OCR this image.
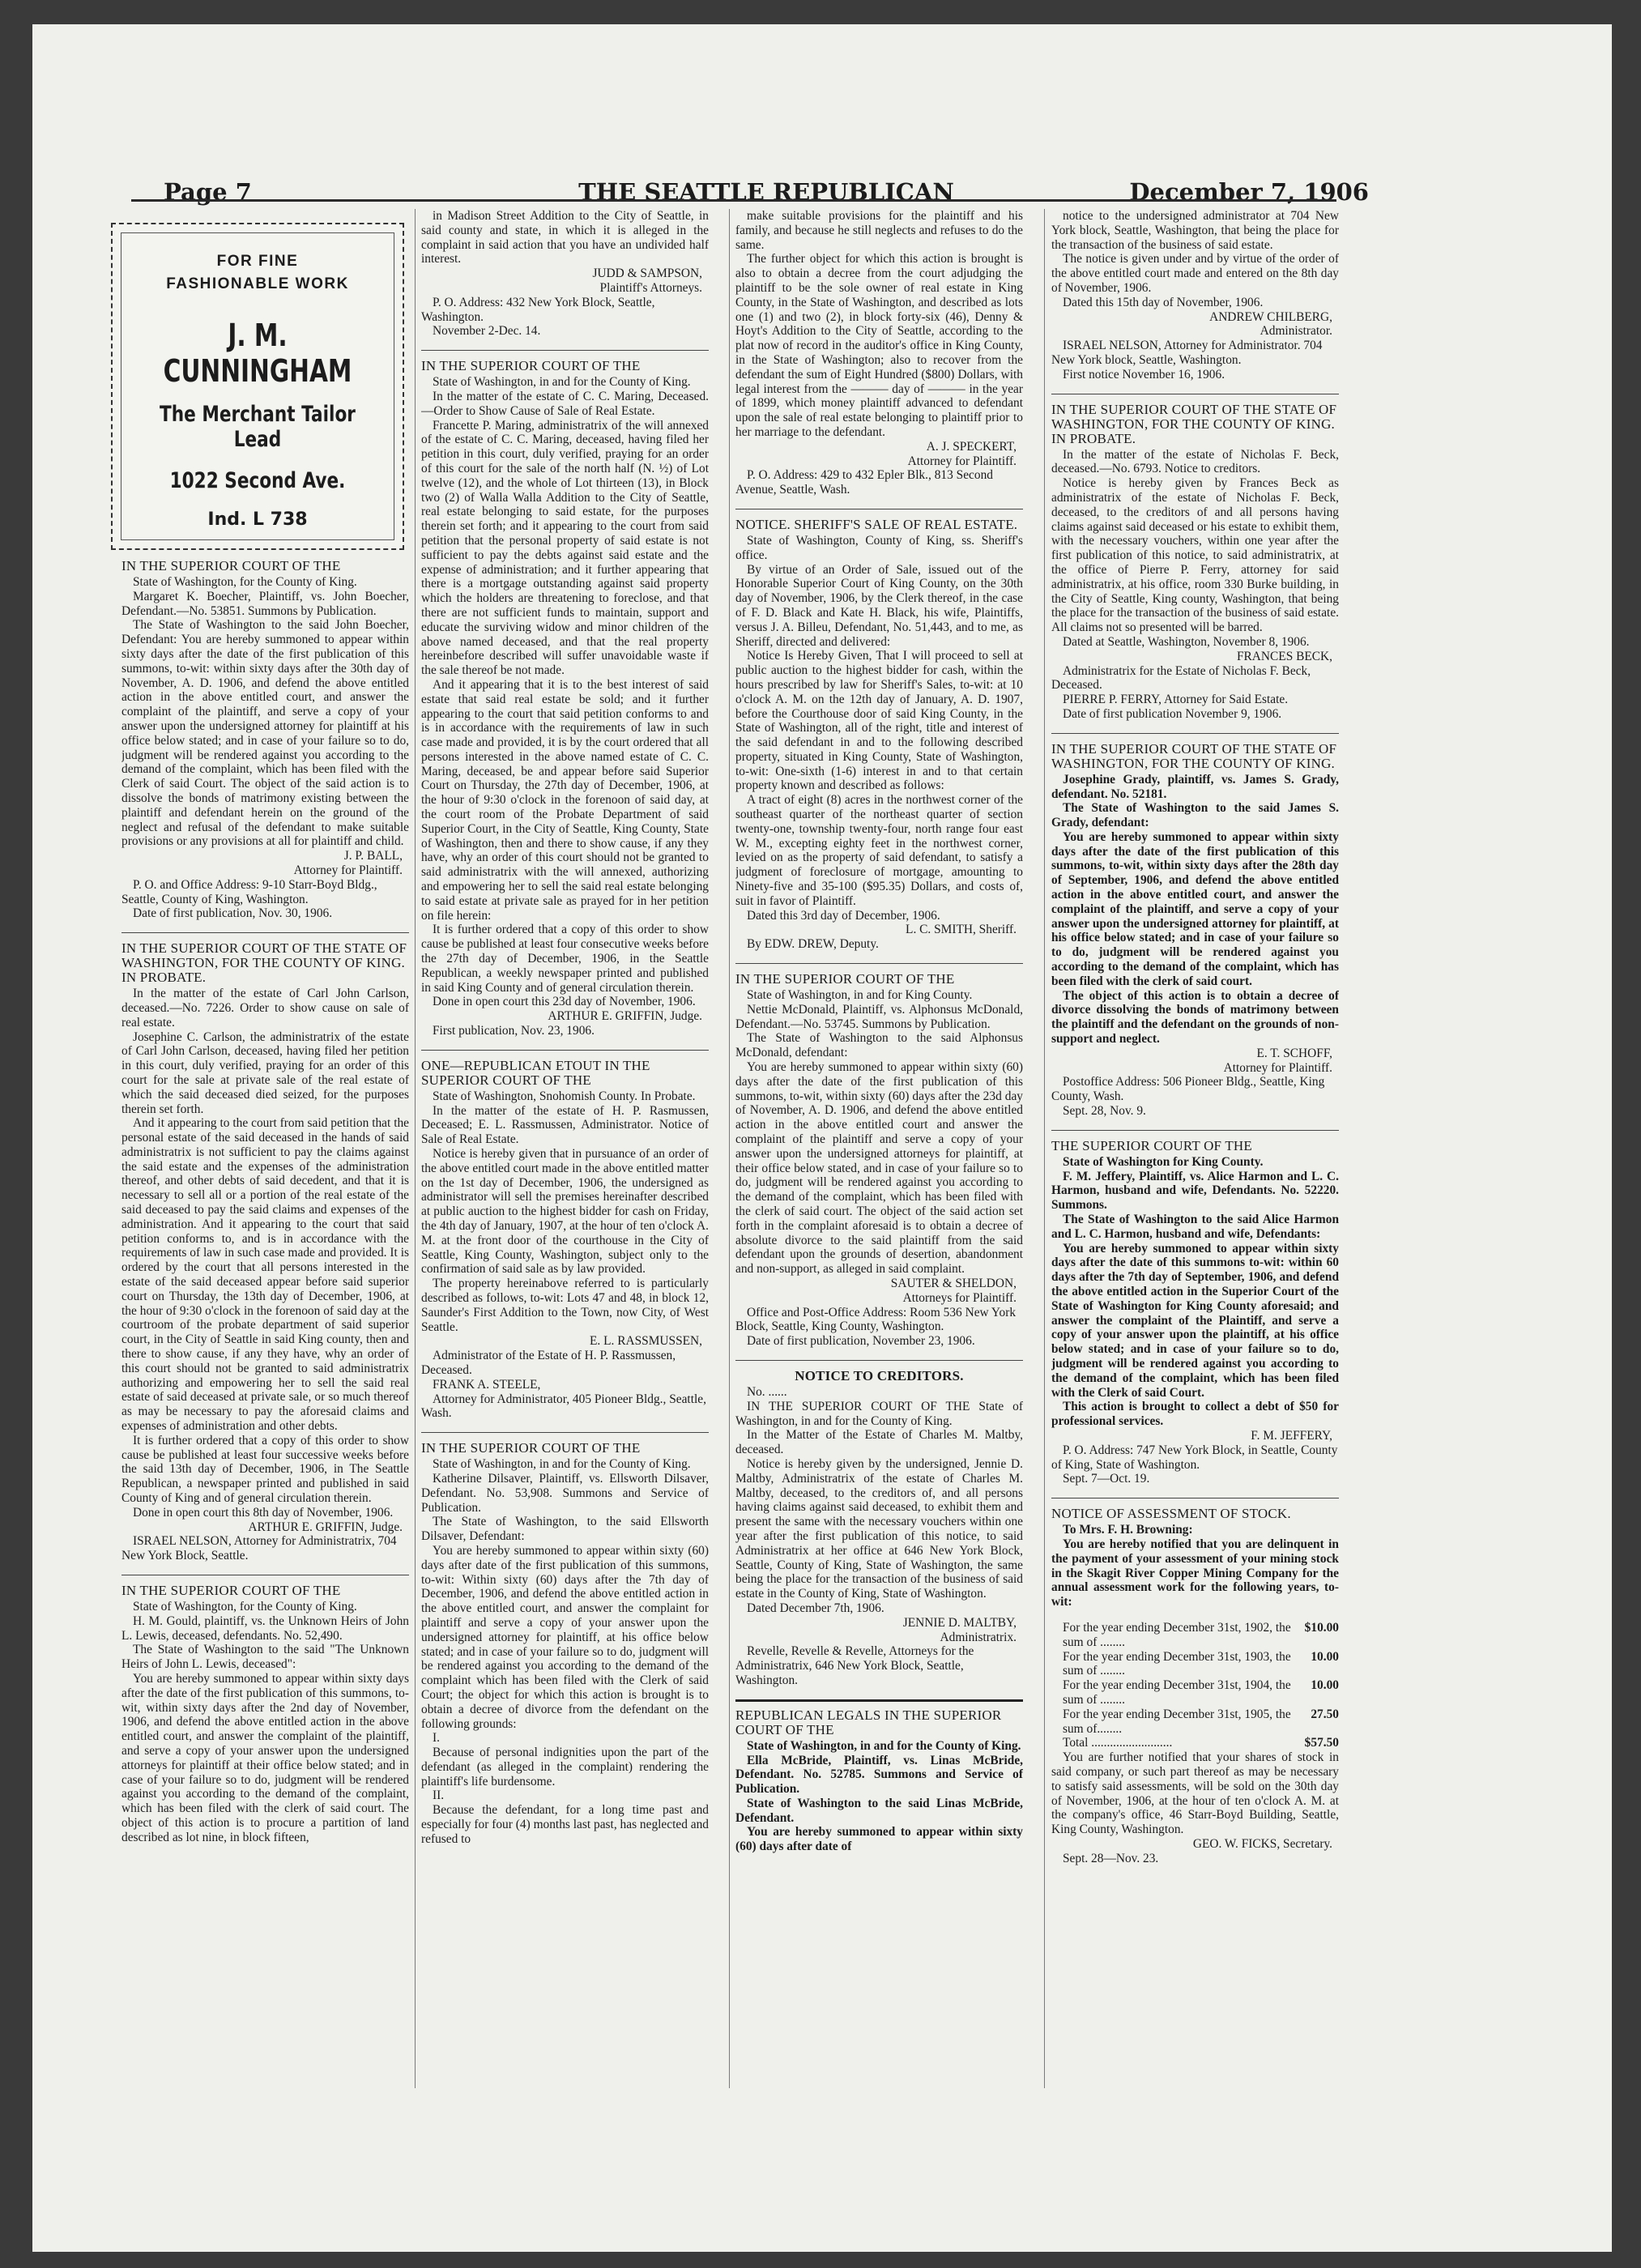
Page 7	THE SEATTLE REPUBLICAN	December 7, 1906
FOR FINE
FASHIONABLE WORK
J. M. CUNNINGHAM
The Merchant Tailor Lead
1022 Second Ave.
Ind. L 738
IN THE SUPERIOR COURT OF THE

State of Washington, for the County of King.

Margaret K. Boecher, Plaintiff, vs. John Boecher, Defendant.—No. 53851. Summons by Publication.

The State of Washington to the said John Boecher, Defendant: You are hereby summoned to appear within sixty days after the date of the first publication of this summons, to-wit: within sixty days after the 30th day of November, A. D. 1906, and defend the above entitled action in the above entitled court, and answer the complaint of the plaintiff, and serve a copy of your answer upon the undersigned attorney for plaintiff at his office below stated; and in case of your failure so to do, judgment will be rendered against you according to the demand of the complaint, which has been filed with the Clerk of said Court. The object of the said action is to dissolve the bonds of matrimony existing between the plaintiff and defendant herein on the ground of the neglect and refusal of the defendant to make suitable provisions or any provisions at all for plaintiff and child.

J. P. BALL,

Attorney for Plaintiff.

P. O. and Office Address: 9-10 Starr-Boyd Bldg., Seattle, County of King, Washington.

Date of first publication, Nov. 30, 1906.

IN THE SUPERIOR COURT OF THE STATE OF WASHINGTON, FOR THE COUNTY OF KING. IN PROBATE.

In the matter of the estate of Carl John Carlson, deceased.—No. 7226. Order to show cause on sale of real estate.

Josephine C. Carlson, the administratrix of the estate of Carl John Carlson, deceased, having filed her petition in this court, duly verified, praying for an order of this court for the sale at private sale of the real estate of which the said deceased died seized, for the purposes therein set forth.

And it appearing to the court from said petition that the personal estate of the said deceased in the hands of said administratrix is not sufficient to pay the claims against the said estate and the expenses of the administration thereof, and other debts of said decedent, and that it is necessary to sell all or a portion of the real estate of the said deceased to pay the said claims and expenses of the administration. And it appearing to the court that said petition conforms to, and is in accordance with the requirements of law in such case made and provided. It is ordered by the court that all persons interested in the estate of the said deceased appear before said superior court on Thursday, the 13th day of December, 1906, at the hour of 9:30 o'clock in the forenoon of said day at the courtroom of the probate department of said superior court, in the City of Seattle in said King county, then and there to show cause, if any they have, why an order of this court should not be granted to said administratrix authorizing and empowering her to sell the said real estate of said deceased at private sale, or so much thereof as may be necessary to pay the aforesaid claims and expenses of administration and other debts.

It is further ordered that a copy of this order to show cause be published at least four successive weeks before the said 13th day of December, 1906, in The Seattle Republican, a newspaper printed and published in said County of King and of general circulation therein.

Done in open court this 8th day of November, 1906.

ARTHUR E. GRIFFIN, Judge.

ISRAEL NELSON, Attorney for Administratrix, 704 New York Block, Seattle.

IN THE SUPERIOR COURT OF THE

State of Washington, for the County of King.

H. M. Gould, plaintiff, vs. the Unknown Heirs of John L. Lewis, deceased, defendants. No. 52,490.

The State of Washington to the said "The Unknown Heirs of John L. Lewis, deceased":

You are hereby summoned to appear within sixty days after the date of the first publication of this summons, to-wit, within sixty days after the 2nd day of November, 1906, and defend the above entitled action in the above entitled court, and answer the complaint of the plaintiff, and serve a copy of your answer upon the undersigned attorneys for plaintiff at their office below stated; and in case of your failure so to do, judgment will be rendered against you according to the demand of the complaint, which has been filed with the clerk of said court. The object of this action is to procure a partition of land described as lot nine, in block fifteen,

in Madison Street Addition to the City of Seattle, in said county and state, in which it is alleged in the complaint in said action that you have an undivided half interest.

JUDD & SAMPSON,

Plaintiff's Attorneys.

P. O. Address: 432 New York Block, Seattle, Washington.

November 2-Dec. 14.

IN THE SUPERIOR COURT OF THE

State of Washington, in and for the County of King.

In the matter of the estate of C. C. Maring, Deceased.—Order to Show Cause of Sale of Real Estate.

Francette P. Maring, administratrix of the will annexed of the estate of C. C. Maring, deceased, having filed her petition in this court, duly verified, praying for an order of this court for the sale of the north half (N. ½) of Lot twelve (12), and the whole of Lot thirteen (13), in Block two (2) of Walla Walla Addition to the City of Seattle, real estate belonging to said estate, for the purposes therein set forth; and it appearing to the court from said petition that the personal property of said estate is not sufficient to pay the debts against said estate and the expense of administration; and it further appearing that there is a mortgage outstanding against said property which the holders are threatening to foreclose, and that there are not sufficient funds to maintain, support and educate the surviving widow and minor children of the above named deceased, and that the real property hereinbefore described will suffer unavoidable waste if the sale thereof be not made.

And it appearing that it is to the best interest of said estate that said real estate be sold; and it further appearing to the court that said petition conforms to and is in accordance with the requirements of law in such case made and provided, it is by the court ordered that all persons interested in the above named estate of C. C. Maring, deceased, be and appear before said Superior Court on Thursday, the 27th day of December, 1906, at the hour of 9:30 o'clock in the forenoon of said day, at the court room of the Probate Department of said Superior Court, in the City of Seattle, King County, State of Washington, then and there to show cause, if any they have, why an order of this court should not be granted to said administratrix with the will annexed, authorizing and empowering her to sell the said real estate belonging to said estate at private sale as prayed for in her petition on file herein:

It is further ordered that a copy of this order to show cause be published at least four consecutive weeks before the 27th day of December, 1906, in the Seattle Republican, a weekly newspaper printed and published in said King County and of general circulation therein.

Done in open court this 23d day of November, 1906.

ARTHUR E. GRIFFIN, Judge.

First publication, Nov. 23, 1906.

ONE—REPUBLICAN ETOUT IN THE SUPERIOR COURT OF THE

State of Washington, Snohomish County. In Probate.

In the matter of the estate of H. P. Rasmussen, Deceased; E. L. Rassmussen, Administrator. Notice of Sale of Real Estate.

Notice is hereby given that in pursuance of an order of the above entitled court made in the above entitled matter on the 1st day of December, 1906, the undersigned as administrator will sell the premises hereinafter described at public auction to the highest bidder for cash on Friday, the 4th day of January, 1907, at the hour of ten o'clock A. M. at the front door of the courthouse in the City of Seattle, King County, Washington, subject only to the confirmation of said sale as by law provided.

The property hereinabove referred to is particularly described as follows, to-wit: Lots 47 and 48, in block 12, Saunder's First Addition to the Town, now City, of West Seattle.

E. L. RASSMUSSEN,

Administrator of the Estate of H. P. Rassmussen, Deceased.

FRANK A. STEELE,

Attorney for Administrator, 405 Pioneer Bldg., Seattle, Wash.

IN THE SUPERIOR COURT OF THE

State of Washington, in and for the County of King.

Katherine Dilsaver, Plaintiff, vs. Ellsworth Dilsaver, Defendant. No. 53,908. Summons and Service of Publication.

The State of Washington, to the said Ellsworth Dilsaver, Defendant:

You are hereby summoned to appear within sixty (60) days after date of the first publication of this summons, to-wit: Within sixty (60) days after the 7th day of December, 1906, and defend the above entitled action in the above entitled court, and answer the complaint for plaintiff and serve a copy of your answer upon the undersigned attorney for plaintiff, at his office below stated; and in case of your failure so to do, judgment will be rendered against you according to the demand of the complaint which has been filed with the Clerk of said Court; the object for which this action is brought is to obtain a decree of divorce from the defendant on the following grounds:

I.

Because of personal indignities upon the part of the defendant (as alleged in the complaint) rendering the plaintiff's life burdensome.

II.

Because the defendant, for a long time past and especially for four (4) months last past, has neglected and refused to

make suitable provisions for the plaintiff and his family, and because he still neglects and refuses to do the same.

The further object for which this action is brought is also to obtain a decree from the court adjudging the plaintiff to be the sole owner of real estate in King County, in the State of Washington, and described as lots one (1) and two (2), in block forty-six (46), Denny & Hoyt's Addition to the City of Seattle, according to the plat now of record in the auditor's office in King County, in the State of Washington; also to recover from the defendant the sum of Eight Hundred ($800) Dollars, with legal interest from the ——— day of ——— in the year of 1899, which money plaintiff advanced to defendant upon the sale of real estate belonging to plaintiff prior to her marriage to the defendant.

A. J. SPECKERT,

Attorney for Plaintiff.

P. O. Address: 429 to 432 Epler Blk., 813 Second Avenue, Seattle, Wash.

NOTICE. SHERIFF'S SALE OF REAL ESTATE.

State of Washington, County of King, ss. Sheriff's office.

By virtue of an Order of Sale, issued out of the Honorable Superior Court of King County, on the 30th day of November, 1906, by the Clerk thereof, in the case of F. D. Black and Kate H. Black, his wife, Plaintiffs, versus J. A. Billeu, Defendant, No. 51,443, and to me, as Sheriff, directed and delivered:

Notice Is Hereby Given, That I will proceed to sell at public auction to the highest bidder for cash, within the hours prescribed by law for Sheriff's Sales, to-wit: at 10 o'clock A. M. on the 12th day of January, A. D. 1907, before the Courthouse door of said King County, in the State of Washington, all of the right, title and interest of the said defendant in and to the following described property, situated in King County, State of Washington, to-wit: One-sixth (1-6) interest in and to that certain property known and described as follows:

A tract of eight (8) acres in the northwest corner of the southeast quarter of the northeast quarter of section twenty-one, township twenty-four, north range four east W. M., excepting eighty feet in the northwest corner, levied on as the property of said defendant, to satisfy a judgment of foreclosure of mortgage, amounting to Ninety-five and 35-100 ($95.35) Dollars, and costs of, suit in favor of Plaintiff.

Dated this 3rd day of December, 1906.

L. C. SMITH, Sheriff.

By EDW. DREW, Deputy.

IN THE SUPERIOR COURT OF THE

State of Washington, in and for King County.

Nettie McDonald, Plaintiff, vs. Alphonsus McDonald, Defendant.—No. 53745. Summons by Publication.

The State of Washington to the said Alphonsus McDonald, defendant:

You are hereby summoned to appear within sixty (60) days after the date of the first publication of this summons, to-wit, within sixty (60) days after the 23d day of November, A. D. 1906, and defend the above entitled action in the above entitled court and answer the complaint of the plaintiff and serve a copy of your answer upon the undersigned attorneys for plaintiff, at their office below stated, and in case of your failure so to do, judgment will be rendered against you according to the demand of the complaint, which has been filed with the clerk of said court. The object of the said action set forth in the complaint aforesaid is to obtain a decree of absolute divorce to the said plaintiff from the said defendant upon the grounds of desertion, abandonment and non-support, as alleged in said complaint.

SAUTER & SHELDON,

Attorneys for Plaintiff.

Office and Post-Office Address: Room 536 New York Block, Seattle, King County, Washington.

Date of first publication, November 23, 1906.

NOTICE TO CREDITORS.

No. ......

IN THE SUPERIOR COURT OF THE State of Washington, in and for the County of King.

In the Matter of the Estate of Charles M. Maltby, deceased.

Notice is hereby given by the undersigned, Jennie D. Maltby, Administratrix of the estate of Charles M. Maltby, deceased, to the creditors of, and all persons having claims against said deceased, to exhibit them and present the same with the necessary vouchers within one year after the first publication of this notice, to said Administratrix at her office at 646 New York Block, Seattle, County of King, State of Washington, the same being the place for the transaction of the business of said estate in the County of King, State of Washington.

Dated December 7th, 1906.

JENNIE D. MALTBY,

Administratrix.

Revelle, Revelle & Revelle, Attorneys for the Administratrix, 646 New York Block, Seattle, Washington.

REPUBLICAN LEGALS IN THE SUPERIOR COURT OF THE

State of Washington, in and for the County of King.

Ella McBride, Plaintiff, vs. Linas McBride, Defendant. No. 52785. Summons and Service of Publication.

State of Washington to the said Linas McBride, Defendant.

You are hereby summoned to appear within sixty (60) days after date of

notice to the undersigned administrator at 704 New York block, Seattle, Washington, that being the place for the transaction of the business of said estate.

The notice is given under and by virtue of the order of the above entitled court made and entered on the 8th day of November, 1906.

Dated this 15th day of November, 1906.

ANDREW CHILBERG,

Administrator.

ISRAEL NELSON, Attorney for Administrator. 704 New York block, Seattle, Washington.

First notice November 16, 1906.

IN THE SUPERIOR COURT OF THE STATE OF WASHINGTON, FOR THE COUNTY OF KING. IN PROBATE.

In the matter of the estate of Nicholas F. Beck, deceased.—No. 6793. Notice to creditors.

Notice is hereby given by Frances Beck as administratrix of the estate of Nicholas F. Beck, deceased, to the creditors of and all persons having claims against said deceased or his estate to exhibit them, with the necessary vouchers, within one year after the first publication of this notice, to said administratrix, at the office of Pierre P. Ferry, attorney for said administratrix, at his office, room 330 Burke building, in the City of Seattle, King county, Washington, that being the place for the transaction of the business of said estate. All claims not so presented will be barred.

Dated at Seattle, Washington, November 8, 1906.

FRANCES BECK,

Administratrix for the Estate of Nicholas F. Beck, Deceased.

PIERRE P. FERRY, Attorney for Said Estate.

Date of first publication November 9, 1906.

IN THE SUPERIOR COURT OF THE STATE OF WASHINGTON, FOR THE COUNTY OF KING.

Josephine Grady, plaintiff, vs. James S. Grady, defendant. No. 52181.

The State of Washington to the said James S. Grady, defendant:

You are hereby summoned to appear within sixty days after the date of the first publication of this summons, to-wit, within sixty days after the 28th day of September, 1906, and defend the above entitled action in the above entitled court, and answer the complaint of the plaintiff, and serve a copy of your answer upon the undersigned attorney for plaintiff, at his office below stated; and in case of your failure so to do, judgment will be rendered against you according to the demand of the complaint, which has been filed with the clerk of said court.

The object of this action is to obtain a decree of divorce dissolving the bonds of matrimony between the plaintiff and the defendant on the grounds of non-support and neglect.

E. T. SCHOFF,

Attorney for Plaintiff.

Postoffice Address: 506 Pioneer Bldg., Seattle, King County, Wash.

Sept. 28, Nov. 9.

THE SUPERIOR COURT OF THE

State of Washington for King County.

F. M. Jeffery, Plaintiff, vs. Alice Harmon and L. C. Harmon, husband and wife, Defendants. No. 52220. Summons.

The State of Washington to the said Alice Harmon and L. C. Harmon, husband and wife, Defendants:

You are hereby summoned to appear within sixty days after the date of this summons to-wit: within 60 days after the 7th day of September, 1906, and defend the above entitled action in the Superior Court of the State of Washington for King County aforesaid; and answer the complaint of the Plaintiff, and serve a copy of your answer upon the plaintiff, at his office below stated; and in case of your failure so to do, judgment will be rendered against you according to the demand of the complaint, which has been filed with the Clerk of said Court.

This action is brought to collect a debt of $50 for professional services.

F. M. JEFFERY,

P. O. Address: 747 New York Block, in Seattle, County of King, State of Washington.

Sept. 7—Oct. 19.

NOTICE OF ASSESSMENT OF STOCK.

To Mrs. F. H. Browning:

You are hereby notified that you are delinquent in the payment of your assessment of your mining stock in the Skagit River Copper Mining Company for the annual assessment work for the following years, to-wit:

For the year ending December 31st, 1902, the sum of ........
$10.00
For the year ending December 31st, 1903, the sum of ........
10.00
For the year ending December 31st, 1904, the sum of ........
10.00
For the year ending December 31st, 1905, the sum of........
27.50
Total ..........................	$57.50

You are further notified that your shares of stock in said company, or such part thereof as may be necessary to satisfy said assessments, will be sold on the 30th day of November, 1906, at the hour of ten o'clock A. M. at the company's office, 46 Starr-Boyd Building, Seattle, King County, Washington.

GEO. W. FICKS, Secretary.

Sept. 28—Nov. 23.
